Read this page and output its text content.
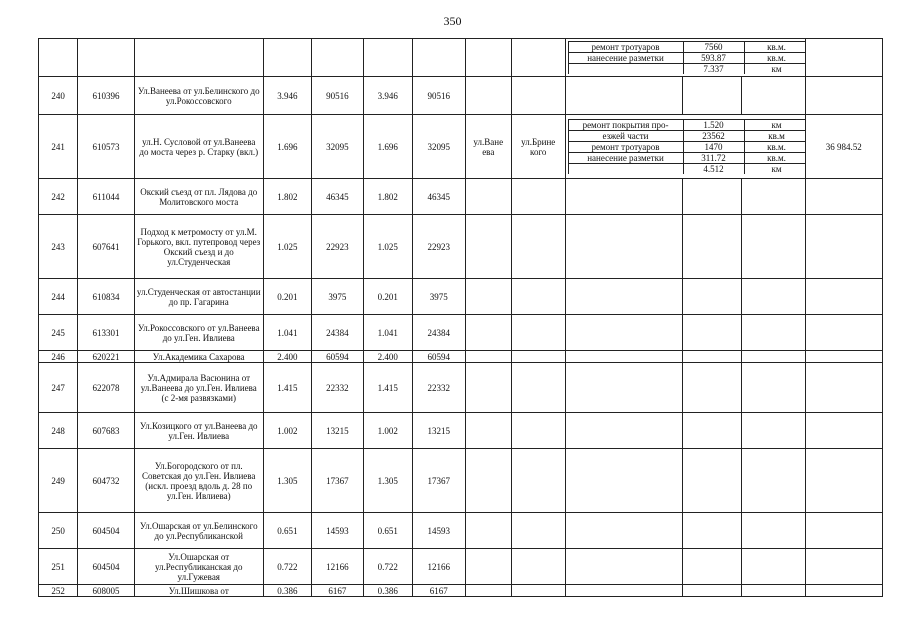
350

ремонт тротуаров	7560	кв.м.
нанесение разметки	593.87	кв.м.
	7.337	км

240	610396	Ул.Ванеева от ул.Белинского до ул.Рокоссовского	3.946	90516	3.946	90516						
241	610573	ул.Н. Сусловой от ул.Ванеева до моста через р. Старку (вкл.)	1.696	32095	1.696	32095	ул.Ване ева	ул.Брине кого	
ремонт покрытия про-	1.520	км
езжей части	23562	кв.м
ремонт тротуаров	1470	кв.м.
нанесение разметки	311.72	кв.м.
	4.512	км
	36 984.52
242	611044	Окский съезд от пл. Лядова до Молитовского моста	1.802	46345	1.802	46345						
243	607641	Подход к метромосту от ул.М. Горького, вкл. путепровод через Окский съезд и до ул.Студенческая	1.025	22923	1.025	22923						
244	610834	ул.Студенческая от автостанции до пр. Гагарина	0.201	3975	0.201	3975						
245	613301	Ул.Рокоссовского от ул.Ванеева до ул.Ген. Ивлиева	1.041	24384	1.041	24384						
246	620221	Ул.Академика Сахарова	2.400	60594	2.400	60594						
247	622078	Ул.Адмирала Васюнина от ул.Ванеева до ул.Ген. Ивлиева (с 2-мя развязками)	1.415	22332	1.415	22332						
248	607683	Ул.Козицкого от ул.Ванеева до ул.Ген. Ивлиева	1.002	13215	1.002	13215						
249	604732	Ул.Богородского от пл. Советская до ул.Ген. Ивлиева (искл. проезд вдоль д. 28 по ул.Ген. Ивлиева)	1.305	17367	1.305	17367						
250	604504	Ул.Ошарская от ул.Белинского до ул.Республиканской	0.651	14593	0.651	14593						
251	604504	Ул.Ошарская от ул.Республиканская до ул.Гужевая	0.722	12166	0.722	12166						
252	608005	Ул.Шишкова от	0.386	6167	0.386	6167						
